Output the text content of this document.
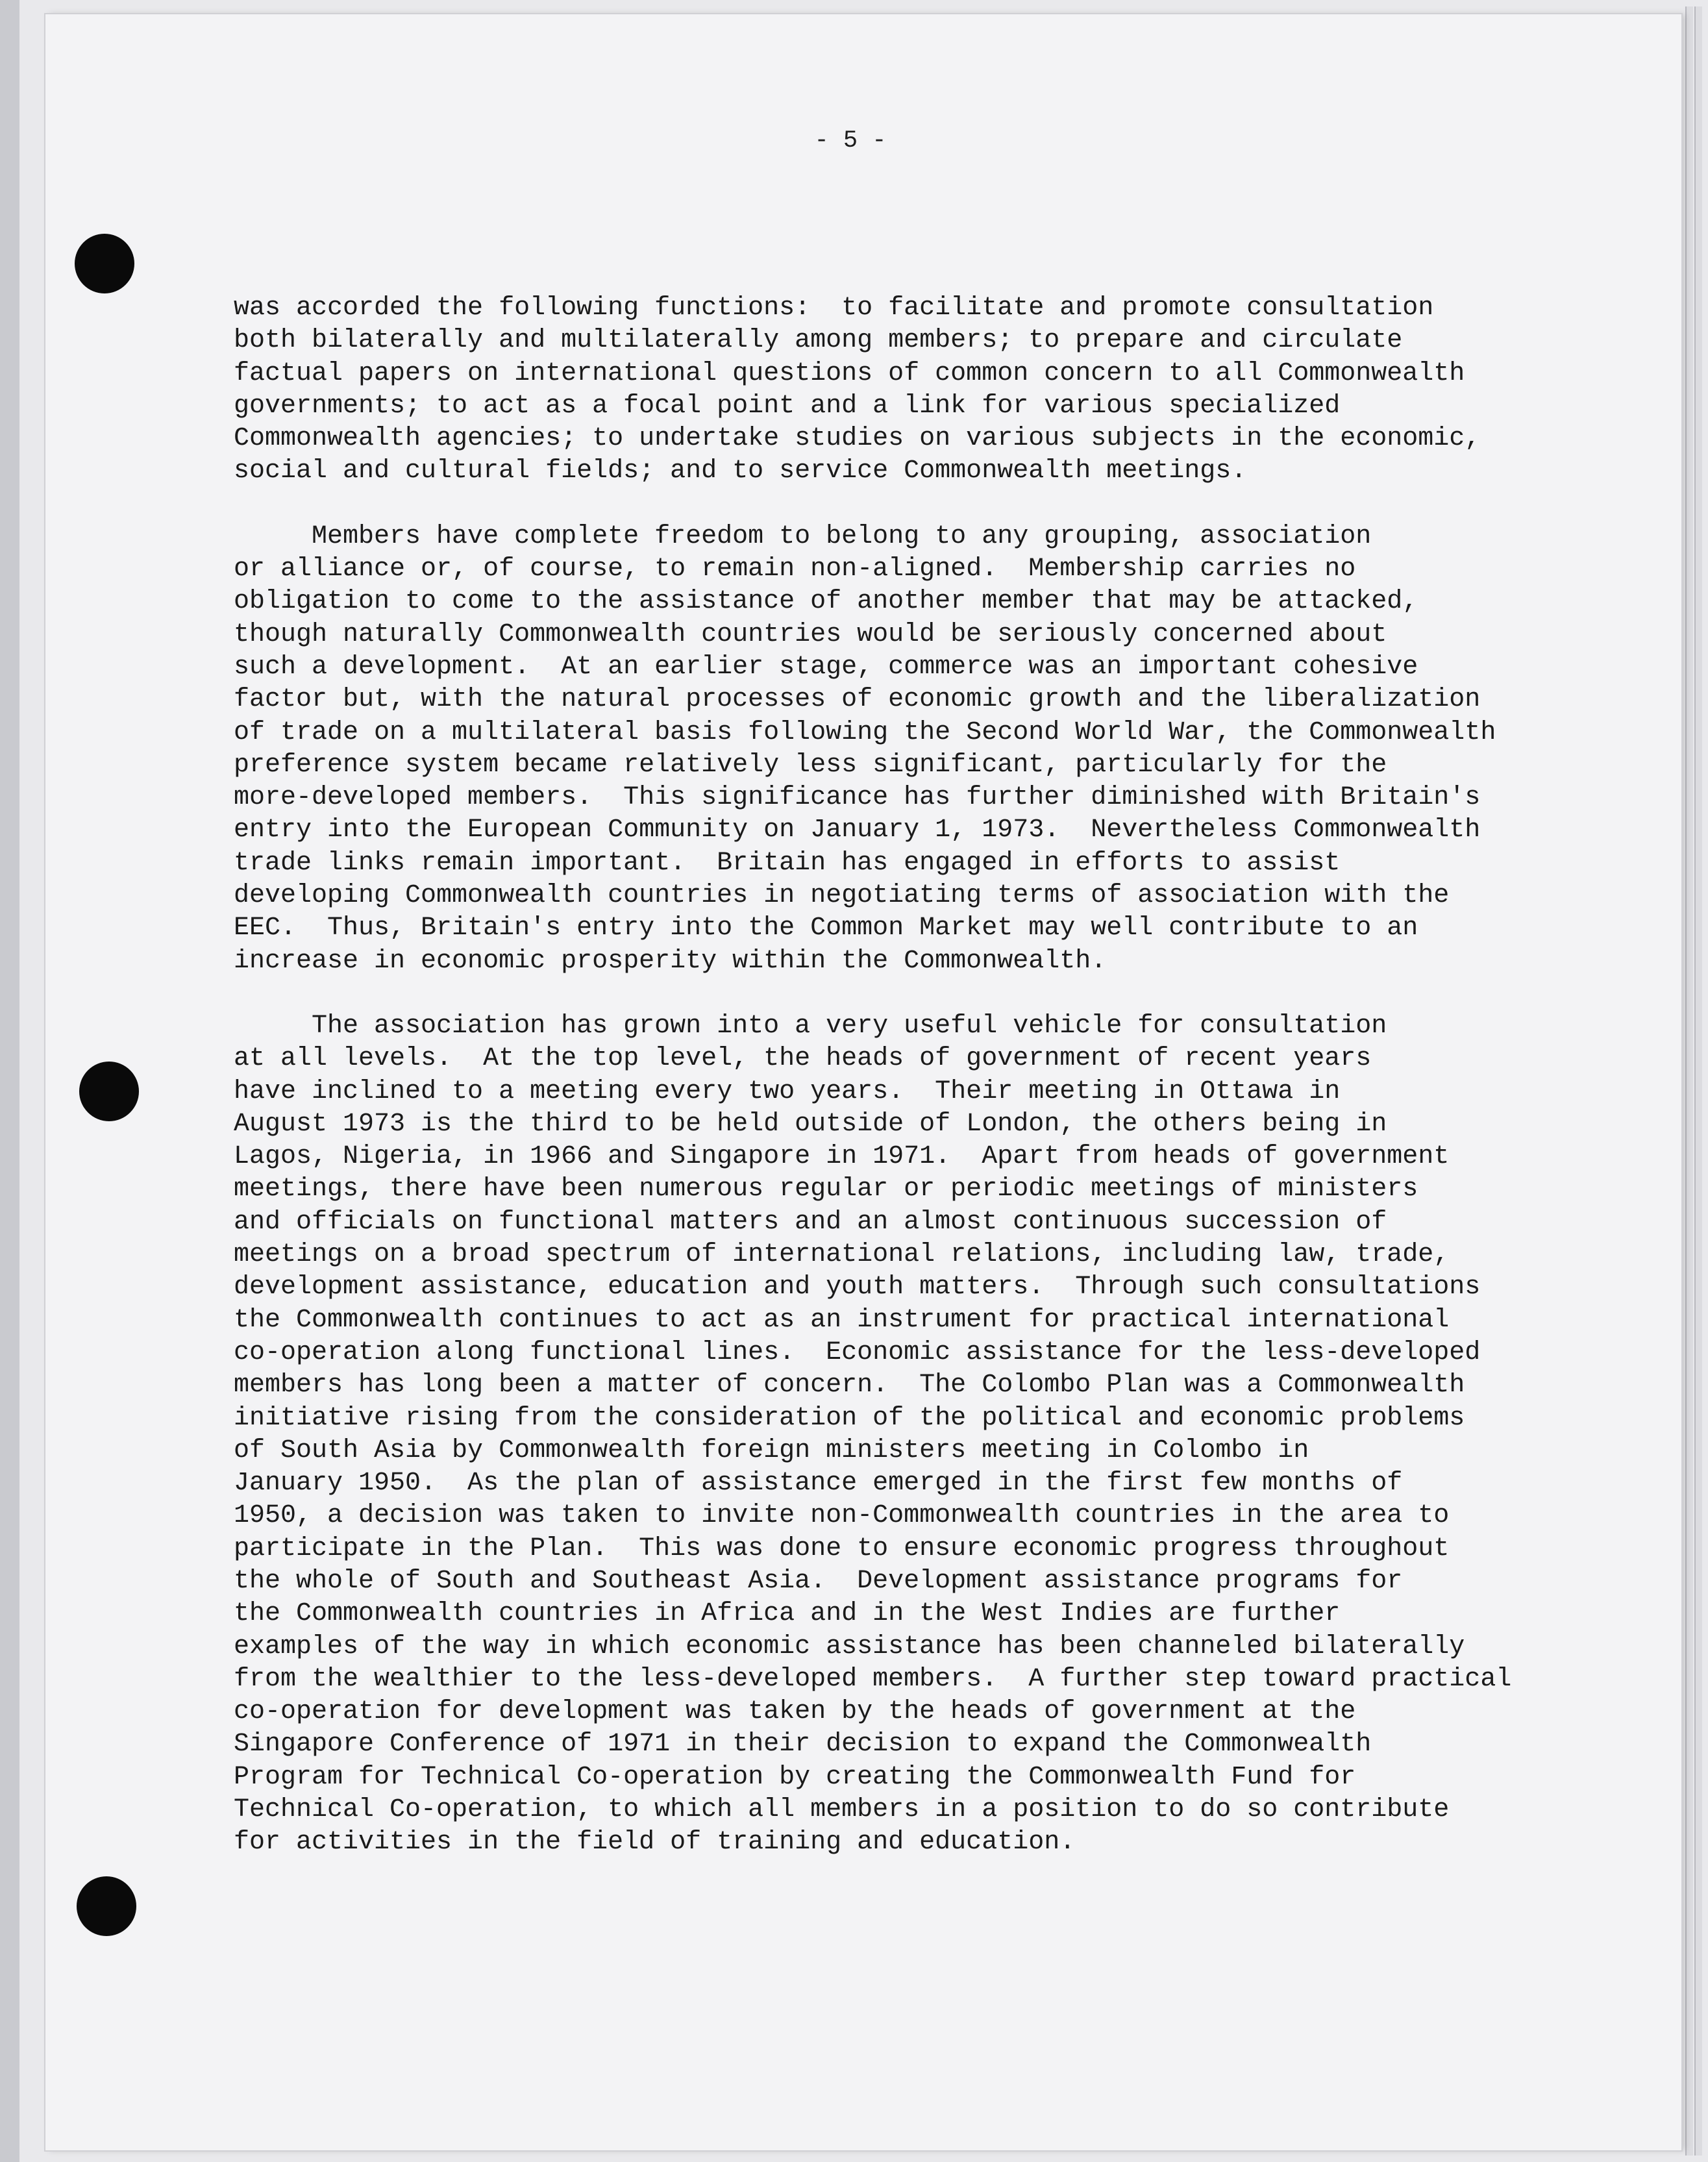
- 5 -
was accorded the following functions:  to facilitate and promote consultation
both bilaterally and multilaterally among members; to prepare and circulate
factual papers on international questions of common concern to all Commonwealth
governments; to act as a focal point and a link for various specialized
Commonwealth agencies; to undertake studies on various subjects in the economic,
social and cultural fields; and to service Commonwealth meetings.
Members have complete freedom to belong to any grouping, association
or alliance or, of course, to remain non-aligned.  Membership carries no
obligation to come to the assistance of another member that may be attacked,
though naturally Commonwealth countries would be seriously concerned about
such a development.  At an earlier stage, commerce was an important cohesive
factor but, with the natural processes of economic growth and the liberalization
of trade on a multilateral basis following the Second World War, the Commonwealth
preference system became relatively less significant, particularly for the
more-developed members.  This significance has further diminished with Britain's
entry into the European Community on January 1, 1973.  Nevertheless Commonwealth
trade links remain important.  Britain has engaged in efforts to assist
developing Commonwealth countries in negotiating terms of association with the
EEC.  Thus, Britain's entry into the Common Market may well contribute to an
increase in economic prosperity within the Commonwealth.
The association has grown into a very useful vehicle for consultation
at all levels.  At the top level, the heads of government of recent years
have inclined to a meeting every two years.  Their meeting in Ottawa in
August 1973 is the third to be held outside of London, the others being in
Lagos, Nigeria, in 1966 and Singapore in 1971.  Apart from heads of government
meetings, there have been numerous regular or periodic meetings of ministers
and officials on functional matters and an almost continuous succession of
meetings on a broad spectrum of international relations, including law, trade,
development assistance, education and youth matters.  Through such consultations
the Commonwealth continues to act as an instrument for practical international
co-operation along functional lines.  Economic assistance for the less-developed
members has long been a matter of concern.  The Colombo Plan was a Commonwealth
initiative rising from the consideration of the political and economic problems
of South Asia by Commonwealth foreign ministers meeting in Colombo in
January 1950.  As the plan of assistance emerged in the first few months of
1950, a decision was taken to invite non-Commonwealth countries in the area to
participate in the Plan.  This was done to ensure economic progress throughout
the whole of South and Southeast Asia.  Development assistance programs for
the Commonwealth countries in Africa and in the West Indies are further
examples of the way in which economic assistance has been channeled bilaterally
from the wealthier to the less-developed members.  A further step toward practical
co-operation for development was taken by the heads of government at the
Singapore Conference of 1971 in their decision to expand the Commonwealth
Program for Technical Co-operation by creating the Commonwealth Fund for
Technical Co-operation, to which all members in a position to do so contribute
for activities in the field of training and education.
